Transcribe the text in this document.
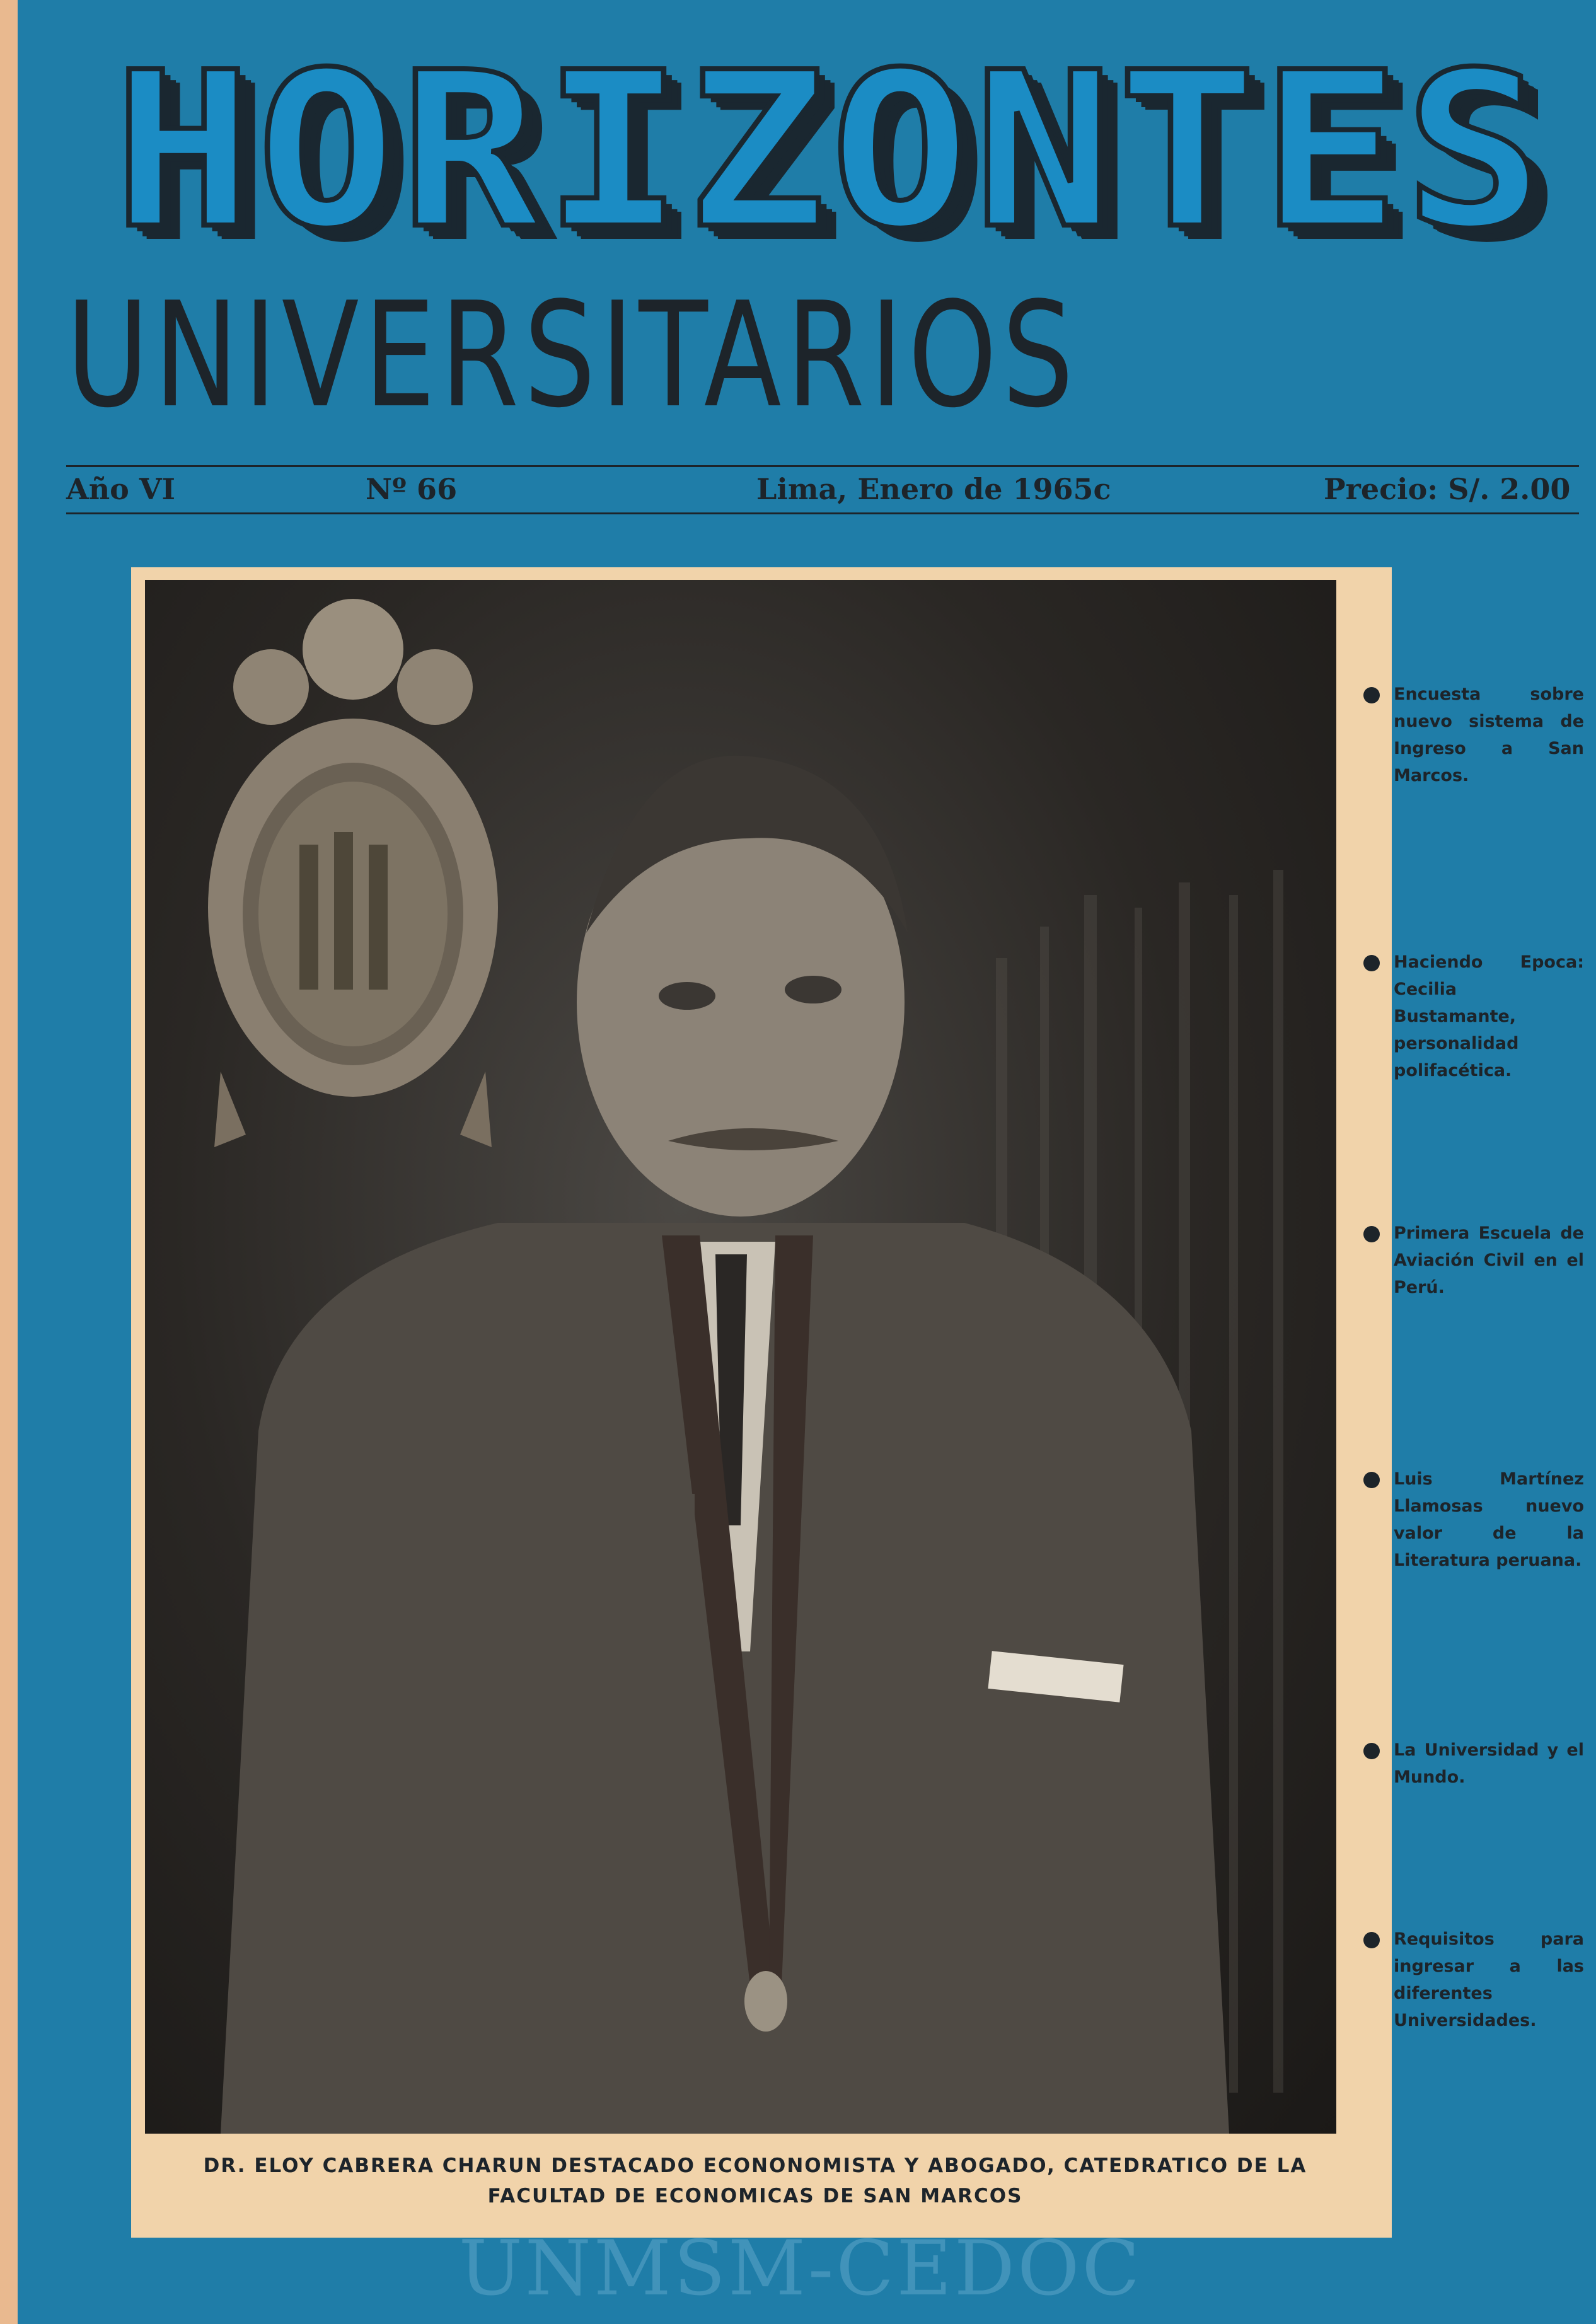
HORIZONTES
UNIVERSITARIOS
Año VI	Nº 66	Lima, Enero de 1965c	Precio: S/. 2.00
DR. ELOY CABRERA CHARUN DESTACADO ECONONOMISTA Y ABOGADO, CATEDRATICO DE LA FACULTAD DE ECONOMICAS DE SAN MARCOS
Encuesta sobre nuevo sistema de Ingreso a San Marcos.
Haciendo Epoca: Cecilia Bustamante, personalidad polifacética.
Primera Escuela de Aviación Civil en el Perú.
Luis Martínez Llamosas nuevo valor de la Literatura peruana.
La Universidad y el Mundo.
Requisitos para ingresar a las diferentes Universidades.
UNMSM-CEDOC
